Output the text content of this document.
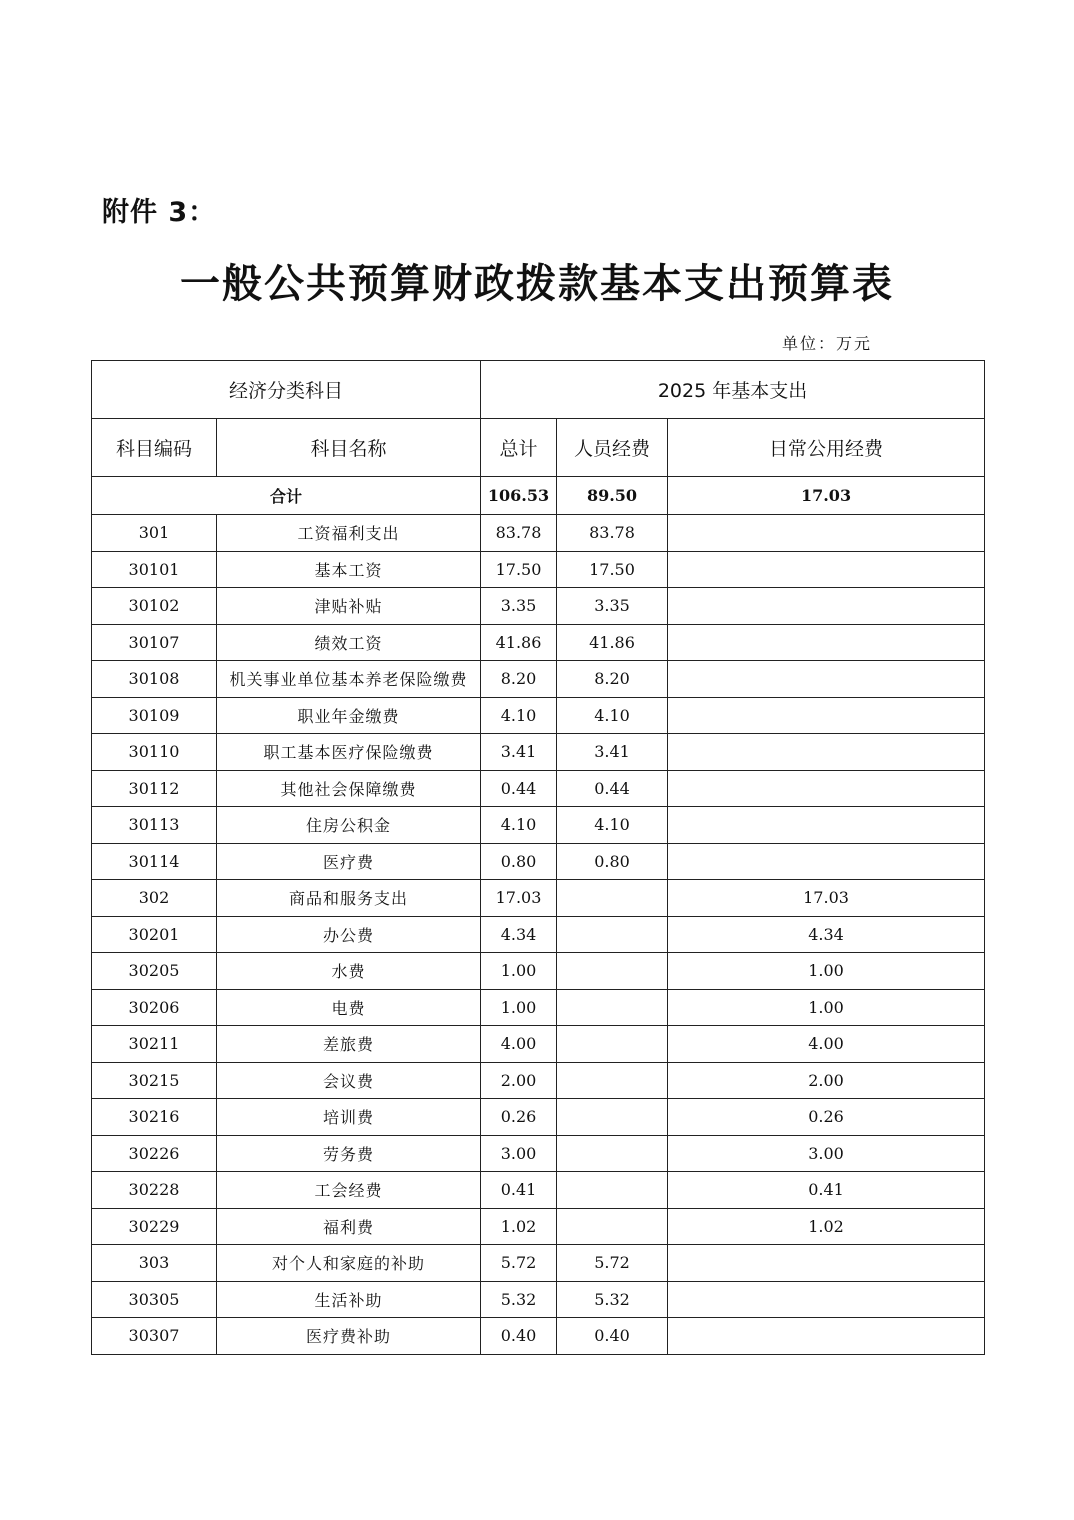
附件 3：
一般公共预算财政拨款基本支出预算表
单位：万元
经济分类科目		2025 年基本支出		
科目编码	科目名称	总计	人员经费	日常公用经费
合计		106.53	89.50	17.03
301	工资福利支出	83.78	83.78	
30101	基本工资	17.50	17.50	
30102	津贴补贴	3.35	3.35	
30107	绩效工资	41.86	41.86	
30108	机关事业单位基本养老保险缴费	8.20	8.20	
30109	职业年金缴费	4.10	4.10	
30110	职工基本医疗保险缴费	3.41	3.41	
30112	其他社会保障缴费	0.44	0.44	
30113	住房公积金	4.10	4.10	
30114	医疗费	0.80	0.80	
302	商品和服务支出	17.03		17.03
30201	办公费	4.34		4.34
30205	水费	1.00		1.00
30206	电费	1.00		1.00
30211	差旅费	4.00		4.00
30215	会议费	2.00		2.00
30216	培训费	0.26		0.26
30226	劳务费	3.00		3.00
30228	工会经费	0.41		0.41
30229	福利费	1.02		1.02
303	对个人和家庭的补助	5.72	5.72	
30305	生活补助	5.32	5.32	
30307	医疗费补助	0.40	0.40	
